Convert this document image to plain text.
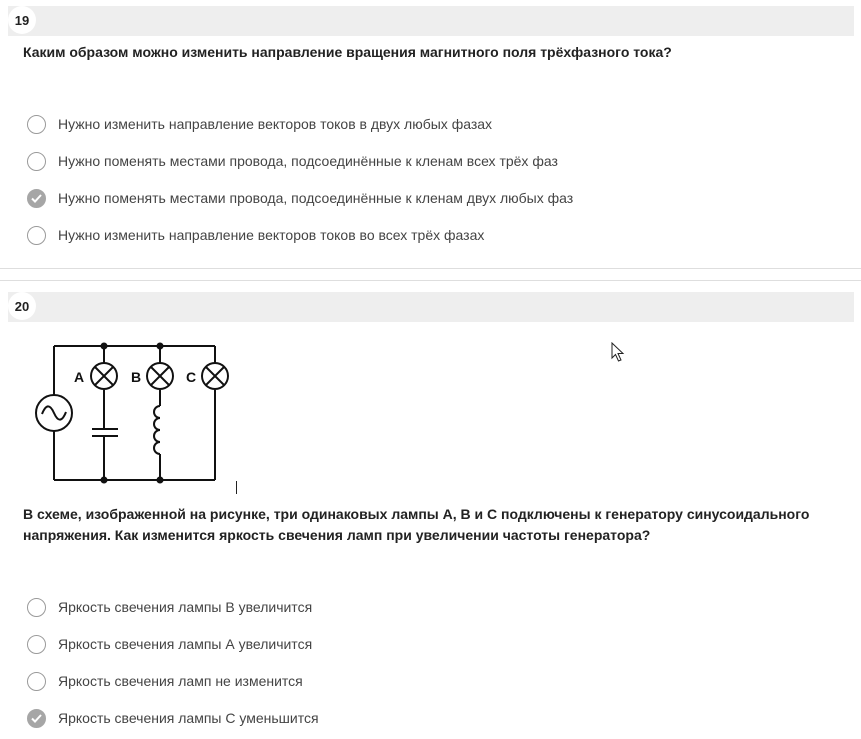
19
Каким образом можно изменить направление вращения магнитного поля трёхфазного тока?
Нужно изменить направление векторов токов в двух любых фазах
Нужно поменять местами провода, подсоединённые к кленам всех трёх фаз
Нужно поменять местами провода, подсоединённые к кленам двух любых фаз
Нужно изменить направление векторов токов во всех трёх фазах
20
A	B	C
В схеме, изображенной на рисунке, три одинаковых лампы A, B и C подключены к генератору синусоидального напряжения. Как изменится яркость свечения ламп при увеличении частоты генератора?
Яркость свечения лампы В увеличится
Яркость свечения лампы А увеличится
Яркость свечения ламп не изменится
Яркость свечения лампы С уменьшится
